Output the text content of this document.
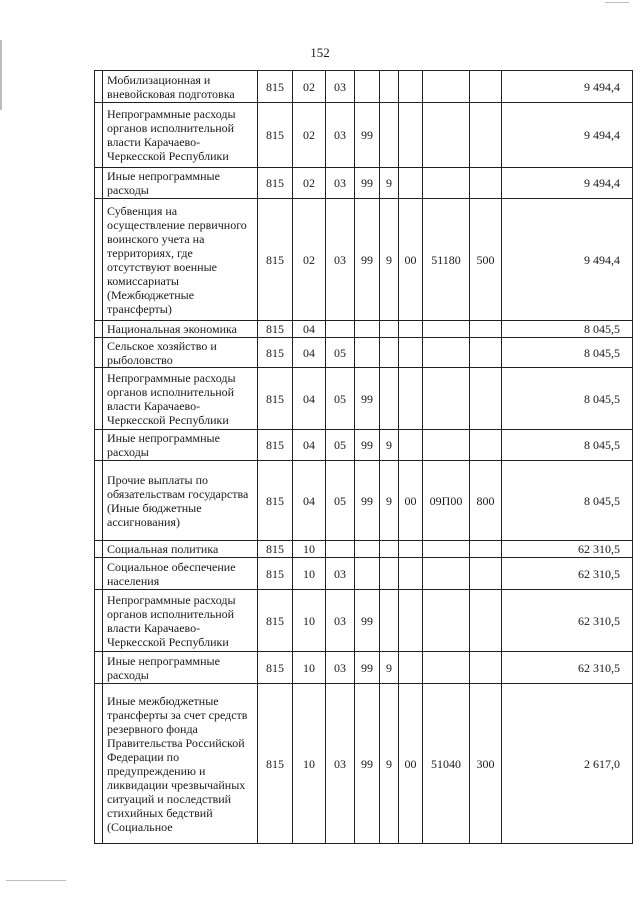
152
	Мобилизационная и вневойсковая подготовка	815	02	03						9 494,4
	Непрограммные расходы органов исполнительной власти Карачаево-Черкесской Республики	815	02	03	99					9 494,4
	Иные непрограммные расходы	815	02	03	99	9				9 494,4
	Субвенция на осуществление первичного воинского учета на территориях, где отсутствуют военные комиссариаты (Межбюджетные трансферты)	815	02	03	99	9	00	51180	500	9 494,4
	Национальная экономика	815	04							8 045,5
	Сельское хозяйство и рыболовство	815	04	05						8 045,5
	Непрограммные расходы органов исполнительной власти Карачаево-Черкесской Республики	815	04	05	99					8 045,5
	Иные непрограммные расходы	815	04	05	99	9				8 045,5
	Прочие выплаты по обязательствам государства (Иные бюджетные ассигнования)	815	04	05	99	9	00	09П00	800	8 045,5
	Социальная политика	815	10							62 310,5
	Социальное обеспечение населения	815	10	03						62 310,5
	Непрограммные расходы органов исполнительной власти Карачаево-Черкесской Республики	815	10	03	99					62 310,5
	Иные непрограммные расходы	815	10	03	99	9				62 310,5
	Иные межбюджетные трансферты за счет средств резервного фонда Правительства Российской Федерации по предупреждению и ликвидации чрезвычайных ситуаций и последствий стихийных бедствий (Социальное	815	10	03	99	9	00	51040	300	2 617,0
